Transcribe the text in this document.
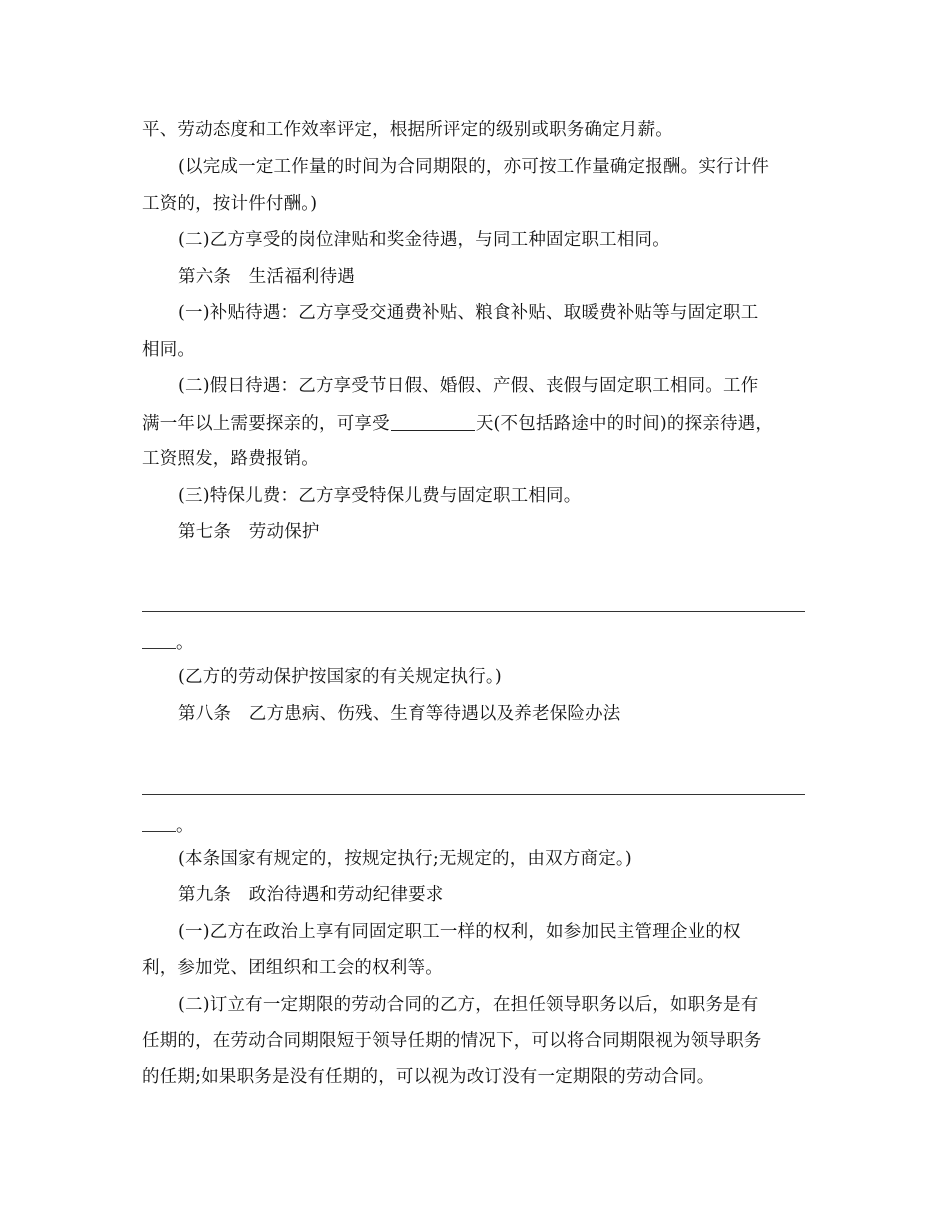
平、劳动态度和工作效率评定，根据所评定的级别或职务确定月薪。
(以完成一定工作量的时间为合同期限的，亦可按工作量确定报酬。实行计件
工资的，按计件付酬。)
(二)乙方享受的岗位津贴和奖金待遇，与同工种固定职工相同。
第六条　生活福利待遇
(一)补贴待遇：乙方享受交通费补贴、粮食补贴、取暖费补贴等与固定职工
相同。
(二)假日待遇：乙方享受节日假、婚假、产假、丧假与固定职工相同。工作
满一年以上需要探亲的，可享受	天(不包括路途中的时间)的探亲待遇，
工资照发，路费报销。
(三)特保儿费：乙方享受特保儿费与固定职工相同。
第七条　劳动保护
。
(乙方的劳动保护按国家的有关规定执行。)
第八条　乙方患病、伤残、生育等待遇以及养老保险办法
。
(本条国家有规定的，按规定执行;无规定的，由双方商定。)
第九条　政治待遇和劳动纪律要求
(一)乙方在政治上享有同固定职工一样的权利，如参加民主管理企业的权
利，参加党、团组织和工会的权利等。
(二)订立有一定期限的劳动合同的乙方，在担任领导职务以后，如职务是有
任期的，在劳动合同期限短于领导任期的情况下，可以将合同期限视为领导职务
的任期;如果职务是没有任期的，可以视为改订没有一定期限的劳动合同。
